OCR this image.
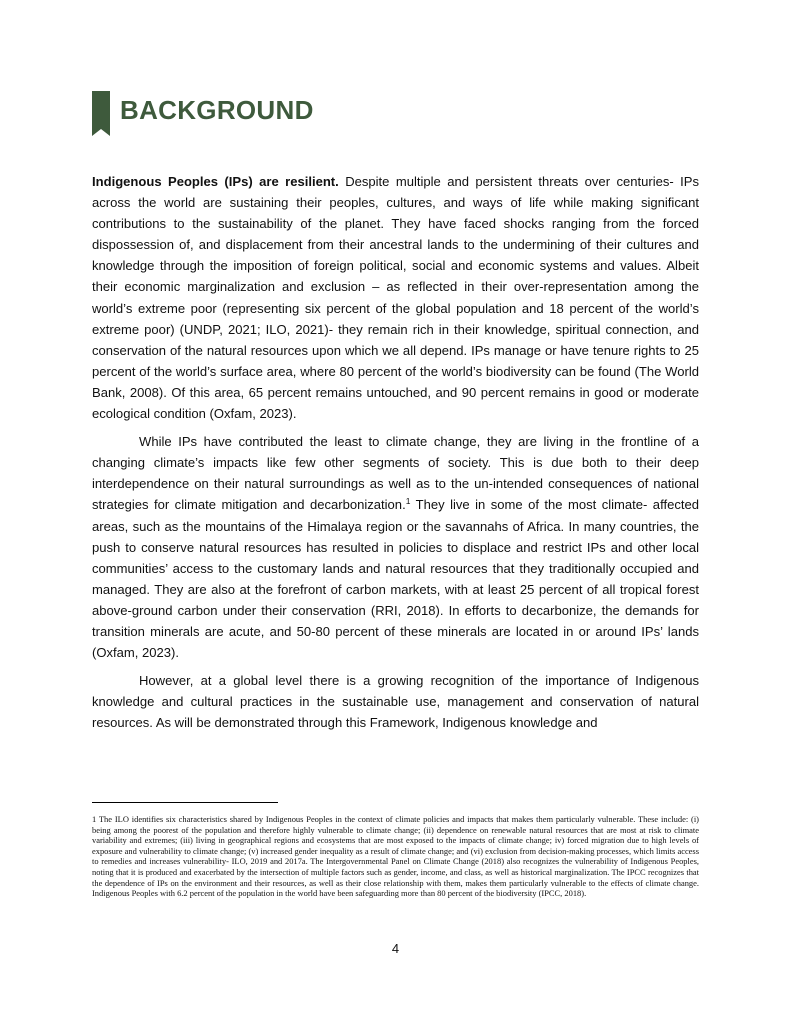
BACKGROUND

Indigenous Peoples (IPs) are resilient. Despite multiple and persistent threats over centuries- IPs across the world are sustaining their peoples, cultures, and ways of life while making significant contributions to the sustainability of the planet. They have faced shocks ranging from the forced dispossession of, and displacement from their ancestral lands to the undermining of their cultures and knowledge through the imposition of foreign political, social and economic systems and values. Albeit their economic marginalization and exclusion – as reflected in their over-representation among the world’s extreme poor (representing six percent of the global population and 18 percent of the world’s extreme poor) (UNDP, 2021; ILO, 2021)- they remain rich in their knowledge, spiritual connection, and conservation of the natural resources upon which we all depend. IPs manage or have tenure rights to 25 percent of the world’s surface area, where 80 percent of the world’s biodiversity can be found (The World Bank, 2008). Of this area, 65 percent remains untouched, and 90 percent remains in good or moderate ecological condition (Oxfam, 2023).

While IPs have contributed the least to climate change, they are living in the frontline of a changing climate’s impacts like few other segments of society. This is due both to their deep interdependence on their natural surroundings as well as to the un-intended consequences of national strategies for climate mitigation and decarbonization.$^1$ They live in some of the most climate- affected areas, such as the mountains of the Himalaya region or the savannahs of Africa. In many countries, the push to conserve natural resources has resulted in policies to displace and restrict IPs and other local communities’ access to the customary lands and natural resources that they traditionally occupied and managed. They are also at the forefront of carbon markets, with at least 25 percent of all tropical forest above-ground carbon under their conservation (RRI, 2018). In efforts to decarbonize, the demands for transition minerals are acute, and 50-80 percent of these minerals are located in or around IPs’ lands (Oxfam, 2023).

However, at a global level there is a growing recognition of the importance of Indigenous knowledge and cultural practices in the sustainable use, management and conservation of natural resources. As will be demonstrated through this Framework, Indigenous knowledge and

1 The ILO identifies six characteristics shared by Indigenous Peoples in the context of climate policies and impacts that makes them particularly vulnerable. These include: (i) being among the poorest of the population and therefore highly vulnerable to climate change; (ii) dependence on renewable natural resources that are most at risk to climate variability and extremes; (iii) living in geographical regions and ecosystems that are most exposed to the impacts of climate change; iv) forced migration due to high levels of exposure and vulnerability to climate change; (v) increased gender inequality as a result of climate change; and (vi) exclusion from decision-making processes, which limits access to remedies and increases vulnerability- ILO, 2019 and 2017a. The Intergovernmental Panel on Climate Change (2018) also recognizes the vulnerability of Indigenous Peoples, noting that it is produced and exacerbated by the intersection of multiple factors such as gender, income, and class, as well as historical marginalization. The IPCC recognizes that the dependence of IPs on the environment and their resources, as well as their close relationship with them, makes them particularly vulnerable to the effects of climate change. Indigenous Peoples with 6.2 percent of the population in the world have been safeguarding more than 80 percent of the biodiversity (IPCC, 2018).
4
